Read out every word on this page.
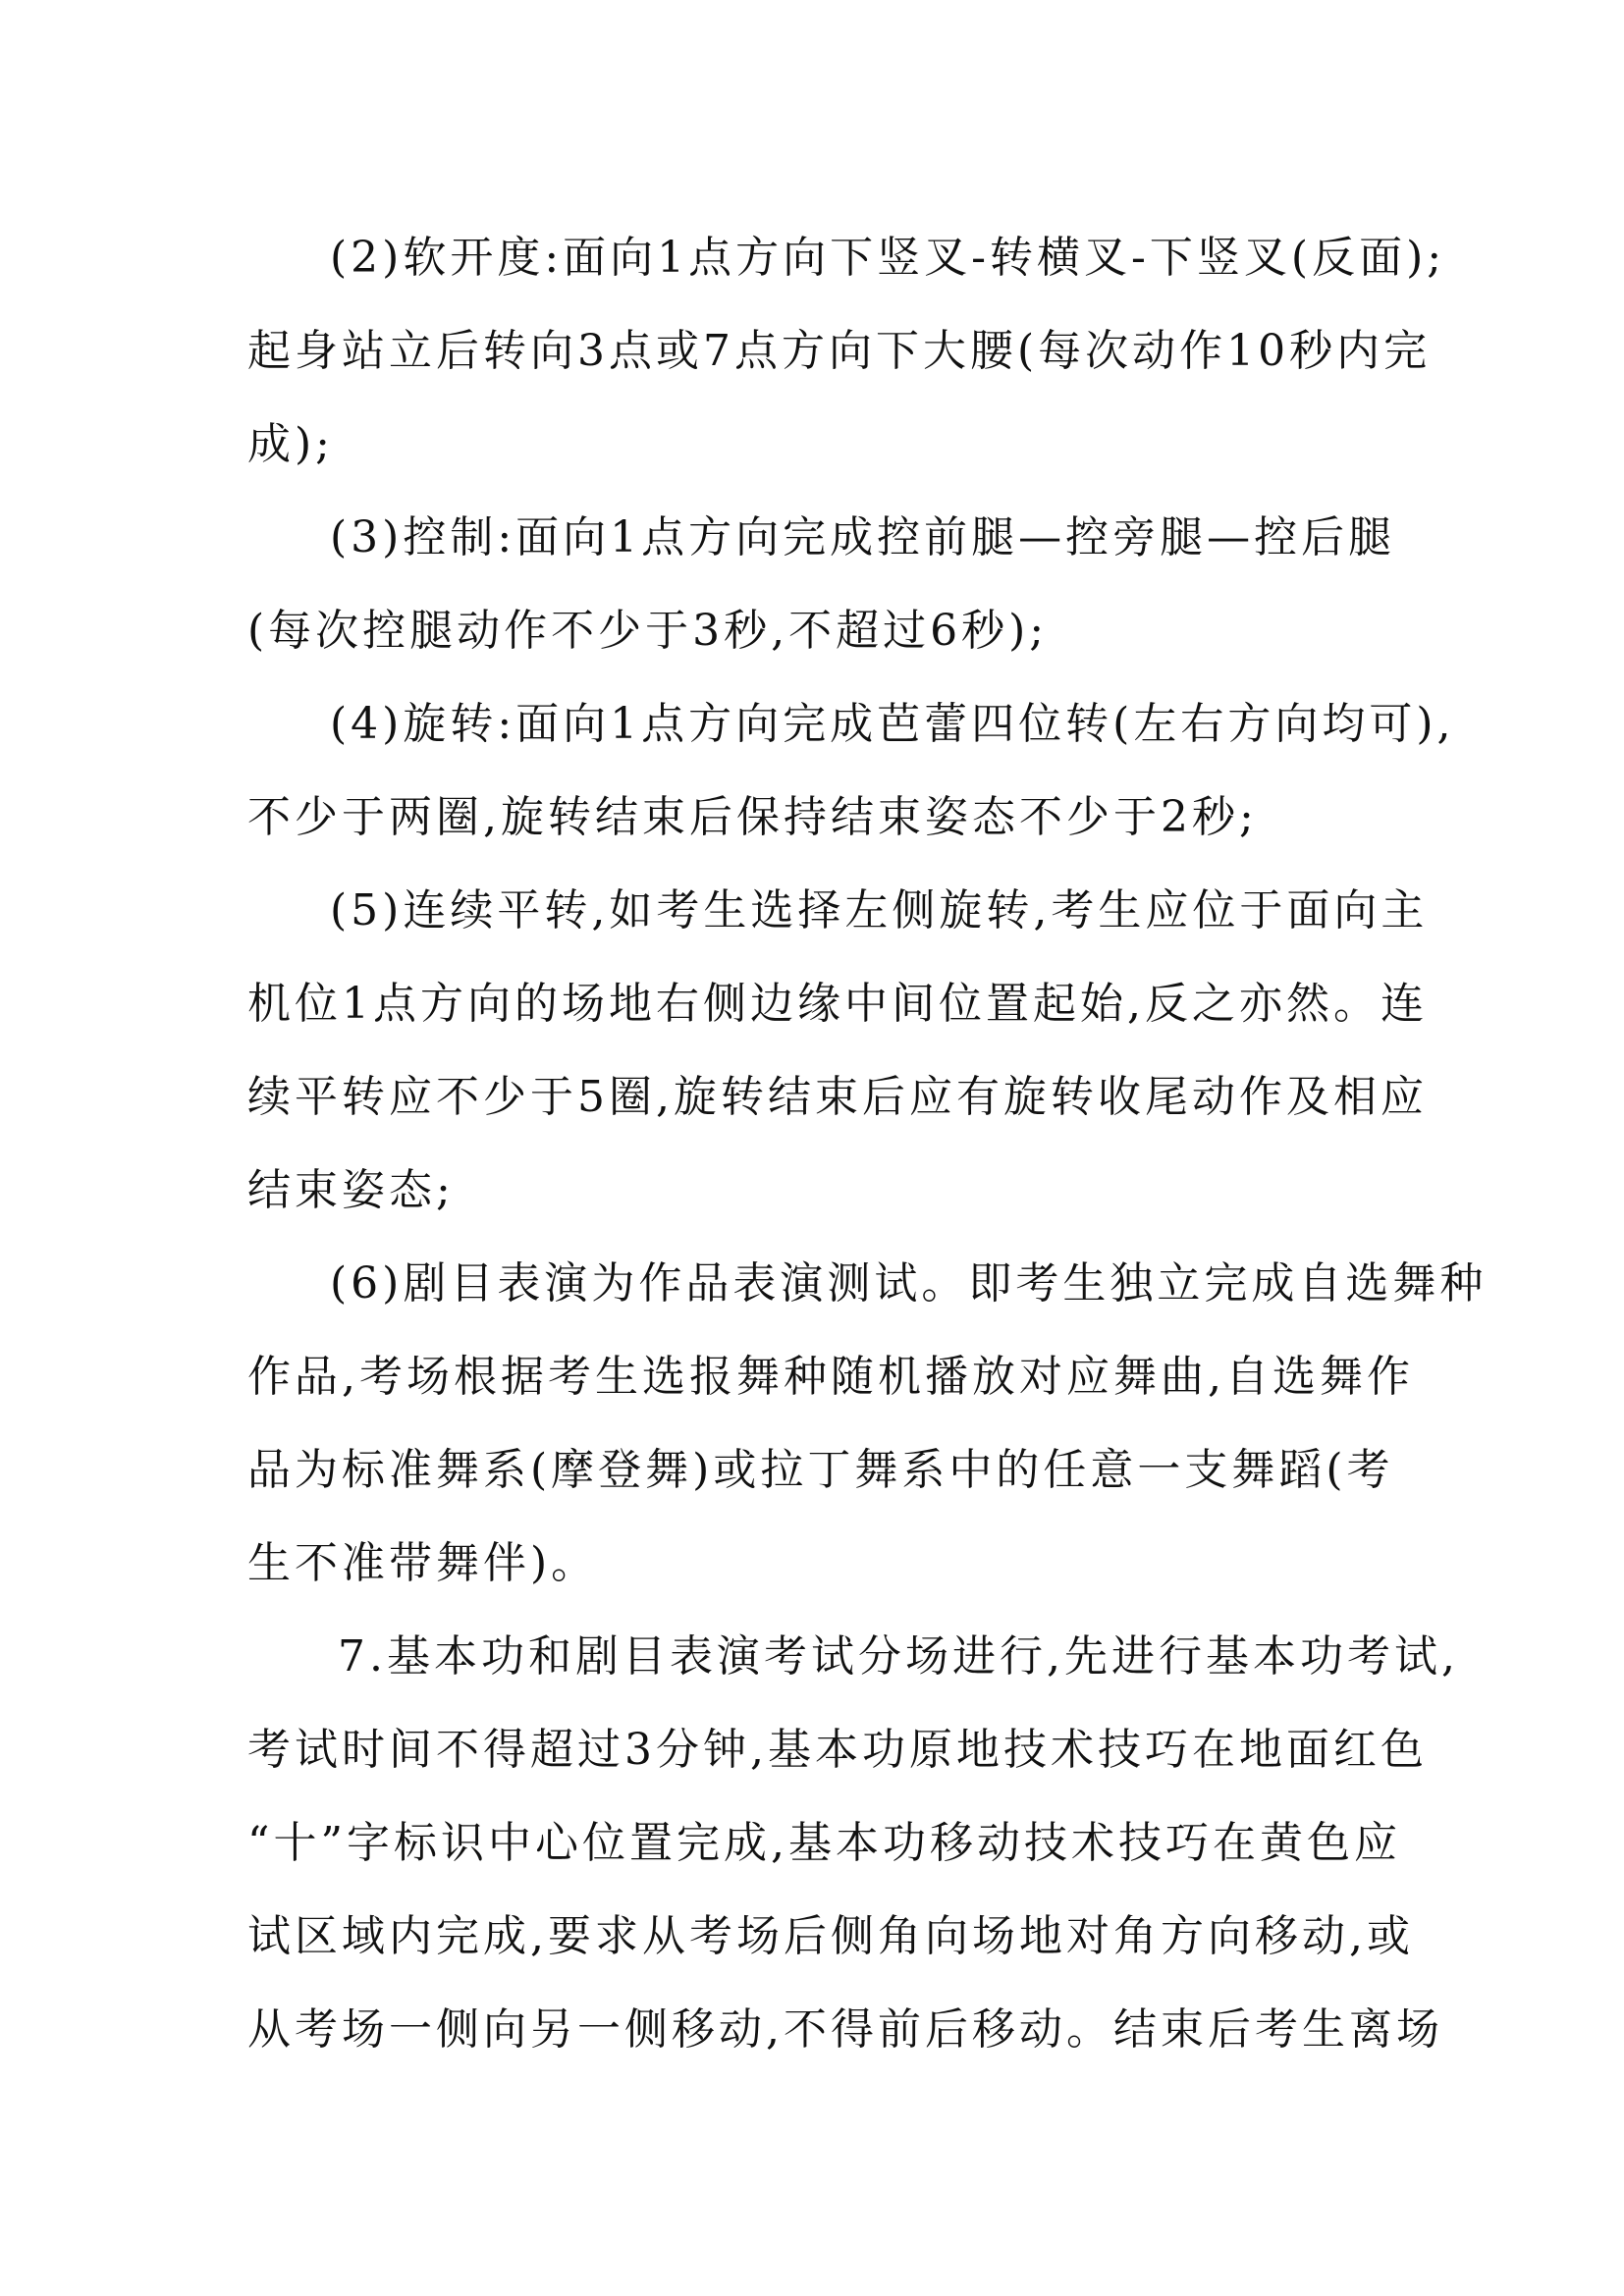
( 2 ) 软 开 度 : 面 向 1 点 方 向 下 竖 叉 - 转 横 叉 - 下 竖 叉 ( 反 面 ) ;
起 身 站 立 后 转 向 3 点 或 7 点 方 向 下 大 腰 ( 每 次 动 作 1 0 秒 内 完
成);
( 3 ) 控 制 : 面 向 1 点 方 向 完 成 控 前 腿 — 控 旁 腿 — 控 后 腿
(每次控腿动作不少于3秒,不超过6秒);
( 4 ) 旋 转 : 面 向 1 点 方 向 完 成 芭 蕾 四 位 转 ( 左 右 方 向 均 可 ) ,
不少于两圈,旋转结束后保持结束姿态不少于2秒;
( 5 ) 连 续 平 转 , 如 考 生 选 择 左 侧 旋 转 , 考 生 应 位 于 面 向 主
机 位 1 点 方 向 的 场 地 右 侧 边 缘 中 间 位 置 起 始 , 反 之 亦 然 。 连
续 平 转 应 不 少 于 5 圈 , 旋 转 结 束 后 应 有 旋 转 收 尾 动 作 及 相 应
结束姿态;
( 6 ) 剧 目 表 演 为 作 品 表 演 测 试 。 即 考 生 独 立 完 成 自 选 舞 种
作 品 , 考 场 根 据 考 生 选 报 舞 种 随 机 播 放 对 应 舞 曲 , 自 选 舞 作
品 为 标 准 舞 系 ( 摩 登 舞 ) 或 拉 丁 舞 系 中 的 任 意 一 支 舞 蹈 ( 考
生不准带舞伴)。
7 . 基 本 功 和 剧 目 表 演 考 试 分 场 进 行 , 先 进 行 基 本 功 考 试 ,
考 试 时 间 不 得 超 过 3 分 钟 , 基 本 功 原 地 技 术 技 巧 在 地 面 红 色
“ 十 ” 字 标 识 中 心 位 置 完 成 , 基 本 功 移 动 技 术 技 巧 在 黄 色 应
试 区 域 内 完 成 , 要 求 从 考 场 后 侧 角 向 场 地 对 角 方 向 移 动 , 或
从 考 场 一 侧 向 另 一 侧 移 动 , 不 得 前 后 移 动 。 结 束 后 考 生 离 场
